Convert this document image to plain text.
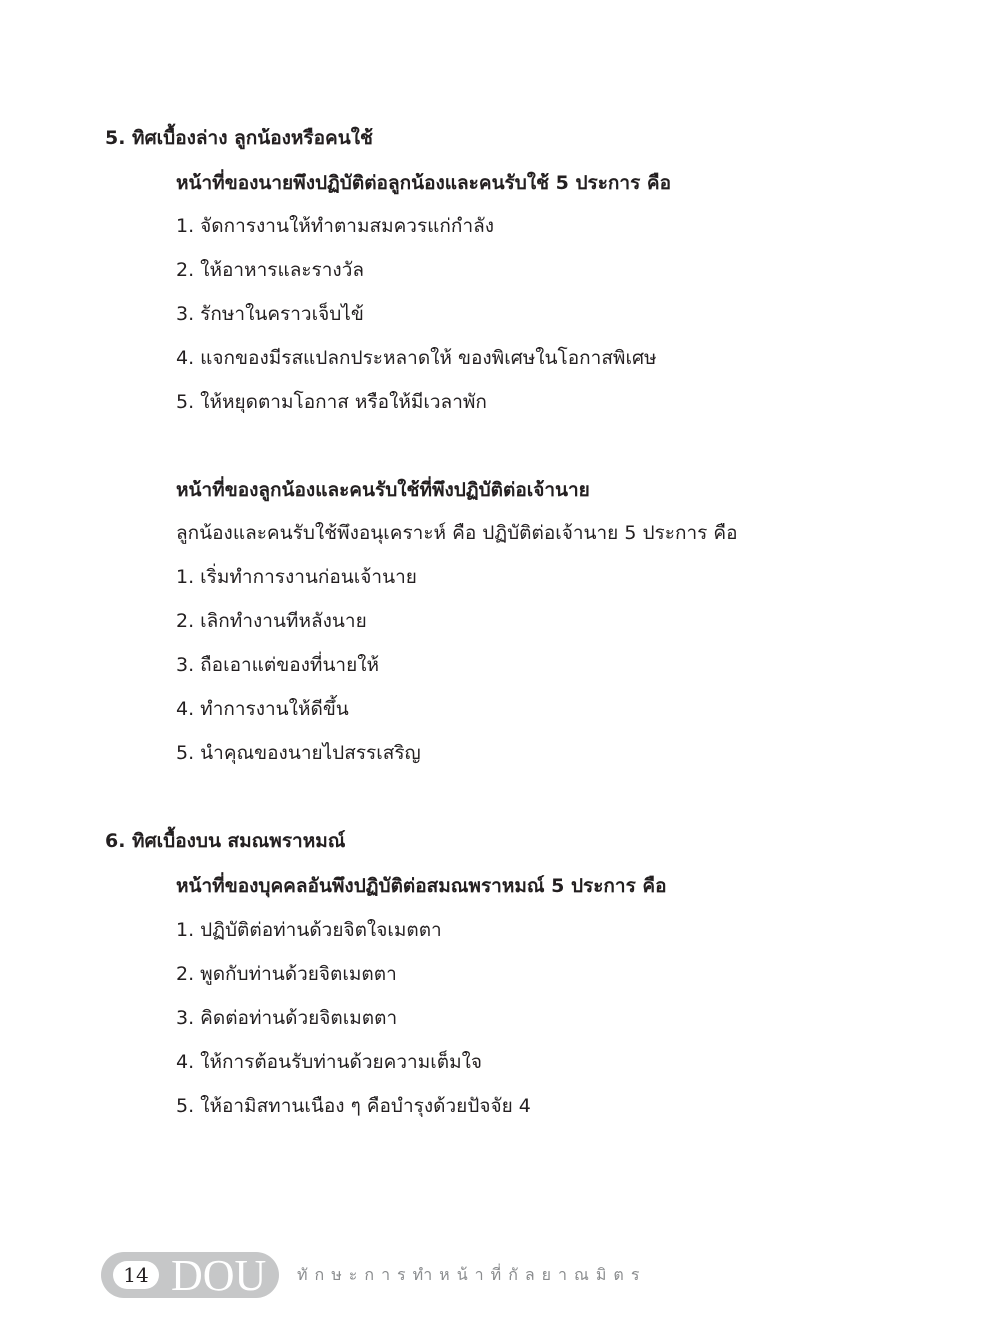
5. ทิศเบื้องล่าง ลูกน้องหรือคนใช้
หน้าที่ของนายพึงปฏิบัติต่อลูกน้องและคนรับใช้ 5 ประการ คือ
1. จัดการงานให้ทำตามสมควรแก่กำลัง
2. ให้อาหารและรางวัล
3. รักษาในคราวเจ็บไข้
4. แจกของมีรสแปลกประหลาดให้ ของพิเศษในโอกาสพิเศษ
5. ให้หยุดตามโอกาส หรือให้มีเวลาพัก
หน้าที่ของลูกน้องและคนรับใช้ที่พึงปฏิบัติต่อเจ้านาย
ลูกน้องและคนรับใช้พึงอนุเคราะห์ คือ ปฏิบัติต่อเจ้านาย 5 ประการ คือ
1. เริ่มทำการงานก่อนเจ้านาย
2. เลิกทำงานทีหลังนาย
3. ถือเอาแต่ของที่นายให้
4. ทำการงานให้ดีขึ้น
5. นำคุณของนายไปสรรเสริญ
6. ทิศเบื้องบน สมณพราหมณ์
หน้าที่ของบุคคลอันพึงปฏิบัติต่อสมณพราหมณ์ 5 ประการ คือ
1. ปฏิบัติต่อท่านด้วยจิตใจเมตตา
2. พูดกับท่านด้วยจิตเมตตา
3. คิดต่อท่านด้วยจิตเมตตา
4. ให้การต้อนรับท่านด้วยความเต็มใจ
5. ให้อามิสทานเนือง ๆ คือบำรุงด้วยปัจจัย 4
14 DOU ทักษะการทำหน้าที่กัลยาณมิตร
